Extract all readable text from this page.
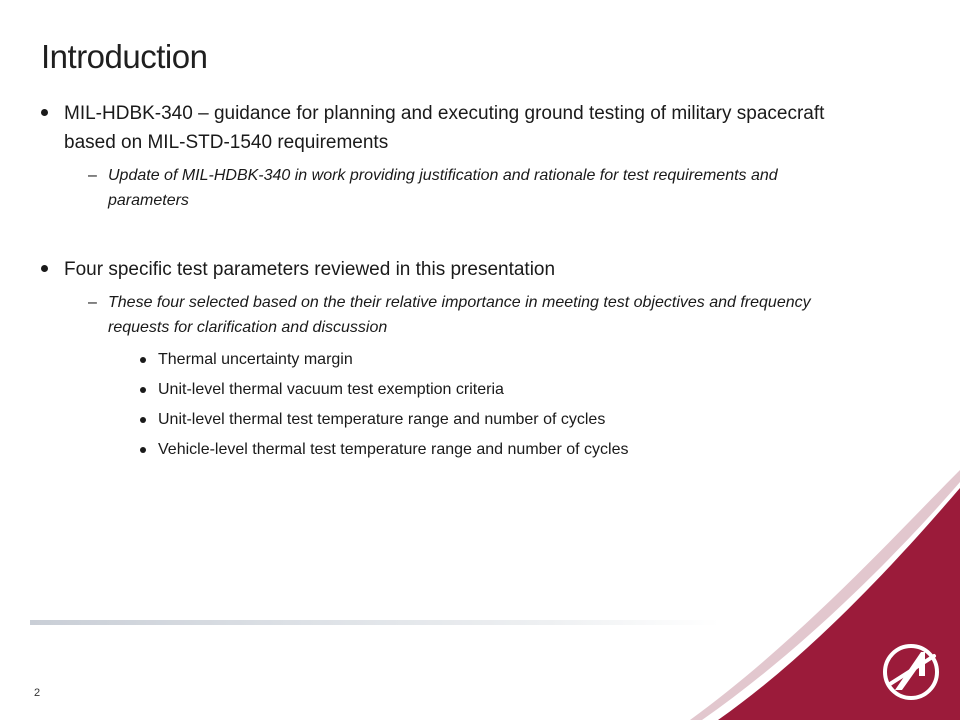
Introduction
MIL-HDBK-340 – guidance for planning and executing ground testing of military spacecraft based on MIL-STD-1540 requirements
– Update of MIL-HDBK-340 in work providing justification and rationale for test requirements and parameters
Four specific test parameters reviewed in this presentation
– These four selected based on the their relative importance in meeting test objectives and frequency requests for clarification and discussion
Thermal uncertainty margin
Unit-level thermal vacuum test exemption criteria
Unit-level thermal test temperature range and number of cycles
Vehicle-level thermal test temperature range and number of cycles
2
